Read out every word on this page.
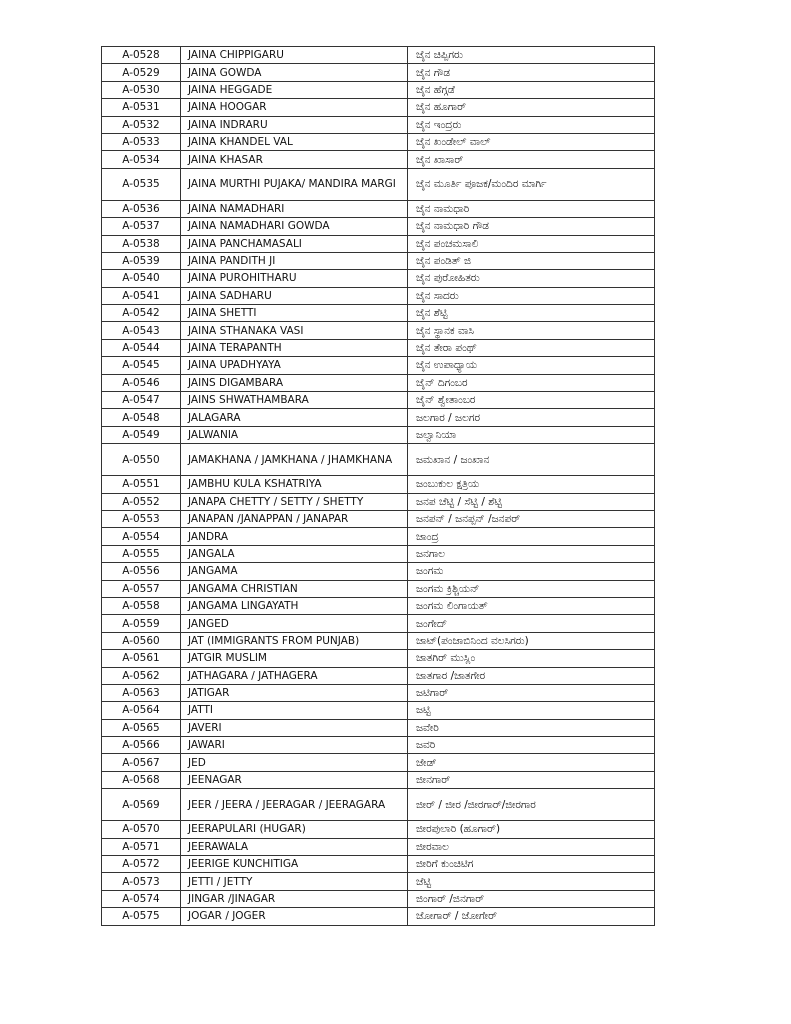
A-0528	JAINA CHIPPIGARU	ಜೈನ ಚಿಪ್ಪಿಗರು
A-0529	JAINA GOWDA	ಜೈನ ಗೌಡ
A-0530	JAINA HEGGADE	ಜೈನ ಹೆಗ್ಗಡೆ
A-0531	JAINA HOOGAR	ಜೈನ ಹೂಗಾರ್
A-0532	JAINA INDRARU	ಜೈನ ಇಂದ್ರರು
A-0533	JAINA KHANDEL VAL	ಜೈನ ಖಂಡೇಲ್ ವಾಲ್
A-0534	JAINA KHASAR	ಜೈನ ಖಾಸಾರ್
A-0535	JAINA MURTHI PUJAKA/ MANDIRA MARGI	ಜೈನ ಮೂರ್ತಿ ಪೂಜಕ/ಮಂದಿರ ಮಾರ್ಗಿ
A-0536	JAINA NAMADHARI	ಜೈನ ನಾಮಧಾರಿ
A-0537	JAINA NAMADHARI GOWDA	ಜೈನ ನಾಮಧಾರಿ ಗೌಡ
A-0538	JAINA PANCHAMASALI	ಜೈನ ಪಂಚಮಸಾಲಿ
A-0539	JAINA PANDITH JI	ಜೈನ ಪಂಡಿತ್ ಜಿ
A-0540	JAINA PUROHITHARU	ಜೈನ ಪುರೋಹಿತರು
A-0541	JAINA SADHARU	ಜೈನ ಸಾದರು
A-0542	JAINA SHETTI	ಜೈನ ಶೆಟ್ಟಿ
A-0543	JAINA STHANAKA VASI	ಜೈನ ಸ್ಥಾನಕ ವಾಸಿ
A-0544	JAINA TERAPANTH	ಜೈನ ತೇರಾ ಪಂಥ್
A-0545	JAINA UPADHYAYA	ಜೈನ ಉಪಾಧ್ಯಾಯ
A-0546	JAINS DIGAMBARA	ಜೈನ್ ದಿಗಂಬರ
A-0547	JAINS SHWATHAMBARA	ಜೈನ್ ಶ್ವೇತಾಂಬರ
A-0548	JALAGARA	ಜಲಗಾರ / ಜಲಗರ
A-0549	JALWANIA	ಜಲ್ವಾನಿಯಾ
A-0550	JAMAKHANA / JAMKHANA / JHAMKHANA	ಜಮಖಾನ / ಜಂಖಾನ
A-0551	JAMBHU KULA KSHATRIYA	ಜಂಬುಕುಲ ಕ್ಷತ್ರಿಯ
A-0552	JANAPA CHETTY / SETTY / SHETTY	ಜನಪ ಚೆಟ್ಟಿ / ಸೆಟ್ಟಿ / ಶೆಟ್ಟಿ
A-0553	JANAPAN /JANAPPAN / JANAPAR	ಜನಪನ್ / ಜನಪ್ಪನ್ /ಜನಪರ್
A-0554	JANDRA	ಜಾಂದ್ರ
A-0555	JANGALA	ಜನಗಾಲ
A-0556	JANGAMA	ಜಂಗಮ
A-0557	JANGAMA CHRISTIAN	ಜಂಗಮ ಕ್ರಿಶ್ಚಿಯನ್
A-0558	JANGAMA LINGAYATH	ಜಂಗಮ ಲಿಂಗಾಯತ್
A-0559	JANGED	ಜಂಗೇದ್
A-0560	JAT (IMMIGRANTS FROM PUNJAB)	ಜಾಟ್(ಪಂಜಾಬಿನಿಂದ ವಲಸಿಗರು)
A-0561	JATGIR MUSLIM	ಜಾತಗಿರ್ ಮುಸ್ಲಿಂ
A-0562	JATHAGARA / JATHAGERA	ಜಾತಗಾರ /ಜಾತಗೇರ
A-0563	JATIGAR	ಜಟಿಗಾರ್
A-0564	JATTI	ಜಟ್ಟಿ
A-0565	JAVERI	ಜವೇರಿ
A-0566	JAWARI	ಜವರಿ
A-0567	JED	ಜೇಡ್
A-0568	JEENAGAR	ಜೀನಗಾರ್
A-0569	JEER / JEERA / JEERAGAR / JEERAGARA	ಜೀರ್ / ಜೀರ /ಜೀರಗಾರ್/ಜೀರಗಾರ
A-0570	JEERAPULARI (HUGAR)	ಜೀರಪುಲಾರಿ (ಹೂಗಾರ್)
A-0571	JEERAWALA	ಜೀರವಾಲ
A-0572	JEERIGE KUNCHITIGA	ಜೀರಿಗೆ ಕುಂಚಿಟಿಗ
A-0573	JETTI / JETTY	ಜೆಟ್ಟಿ
A-0574	JINGAR /JINAGAR	ಜಿಂಗಾರ್ /ಜಿನಗಾರ್
A-0575	JOGAR / JOGER	ಜೋಗಾರ್ / ಜೋಗೇರ್
